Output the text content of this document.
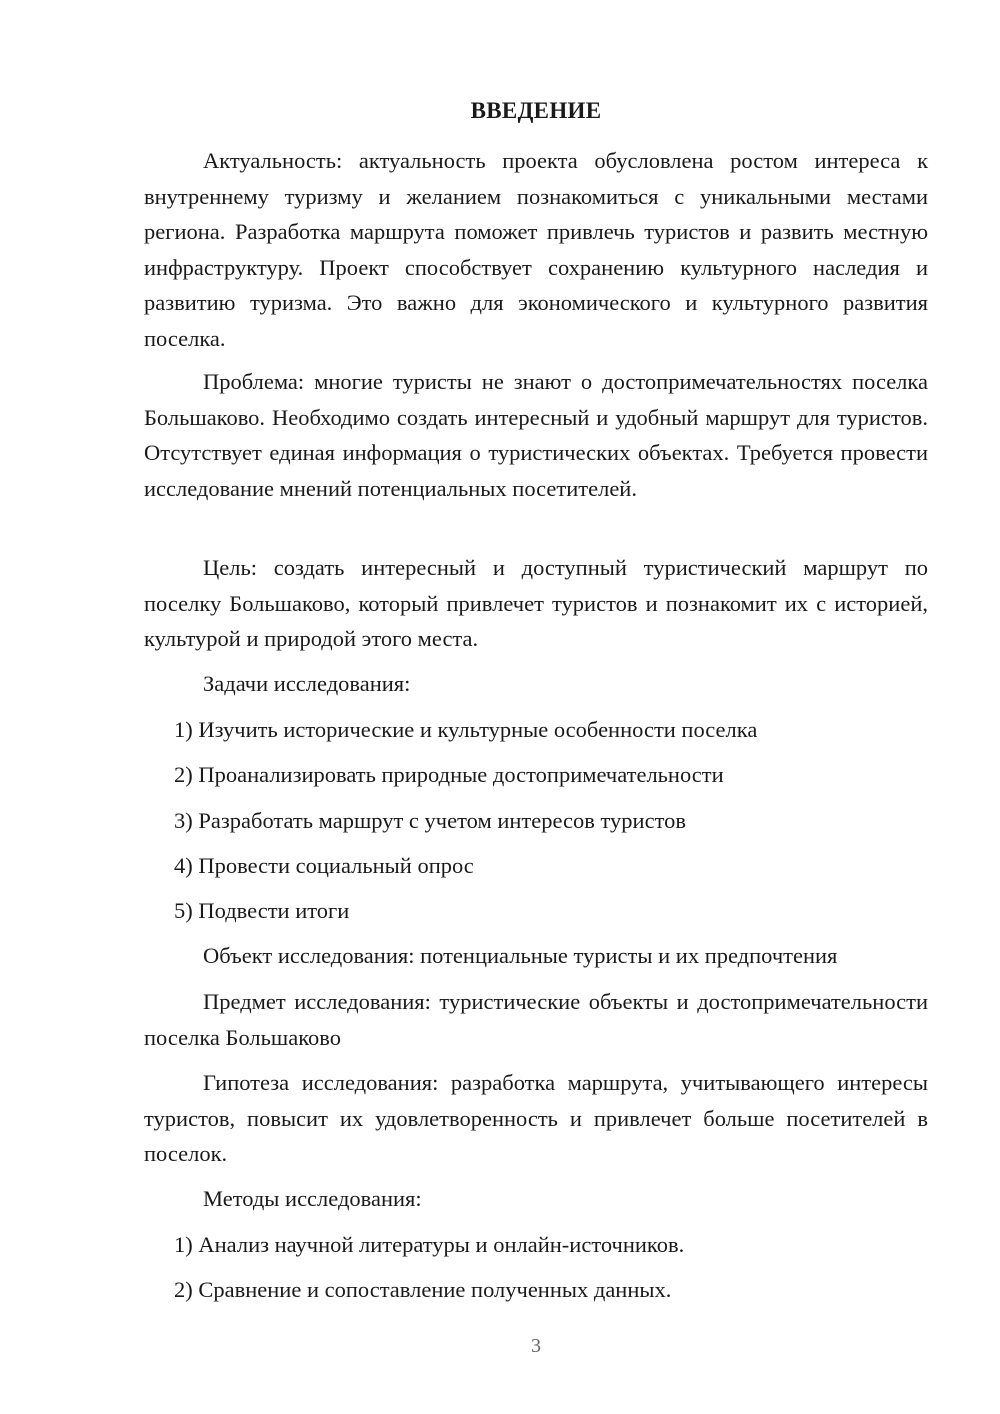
ВВЕДЕНИЕ

Актуальность: актуальность проекта обусловлена ростом интереса к внутреннему туризму и желанием познакомиться с уникальными местами региона. Разработка маршрута поможет привлечь туристов и развить местную инфраструктуру. Проект способствует сохранению культурного наследия и развитию туризма. Это важно для экономического и культурного развития поселка.

Проблема: многие туристы не знают о достопримечательностях поселка Большаково. Необходимо создать интересный и удобный маршрут для туристов. Отсутствует единая информация о туристических объектах. Требуется провести исследование мнений потенциальных посетителей.

Цель: создать интересный и доступный туристический маршрут по поселку Большаково, который привлечет туристов и познакомит их с историей, культурой и природой этого места.

Задачи исследования:

1) Изучить исторические и культурные особенности поселка

2) Проанализировать природные достопримечательности

3) Разработать маршрут с учетом интересов туристов

4) Провести социальный опрос

5) Подвести итоги

Объект исследования: потенциальные туристы и их предпочтения

Предмет исследования: туристические объекты и достопримечательности поселка Большаково

Гипотеза исследования: разработка маршрута, учитывающего интересы туристов, повысит их удовлетворенность и привлечет больше посетителей в поселок.

Методы исследования:

1) Анализ научной литературы и онлайн-источников.

2) Сравнение и сопоставление полученных данных.

3
